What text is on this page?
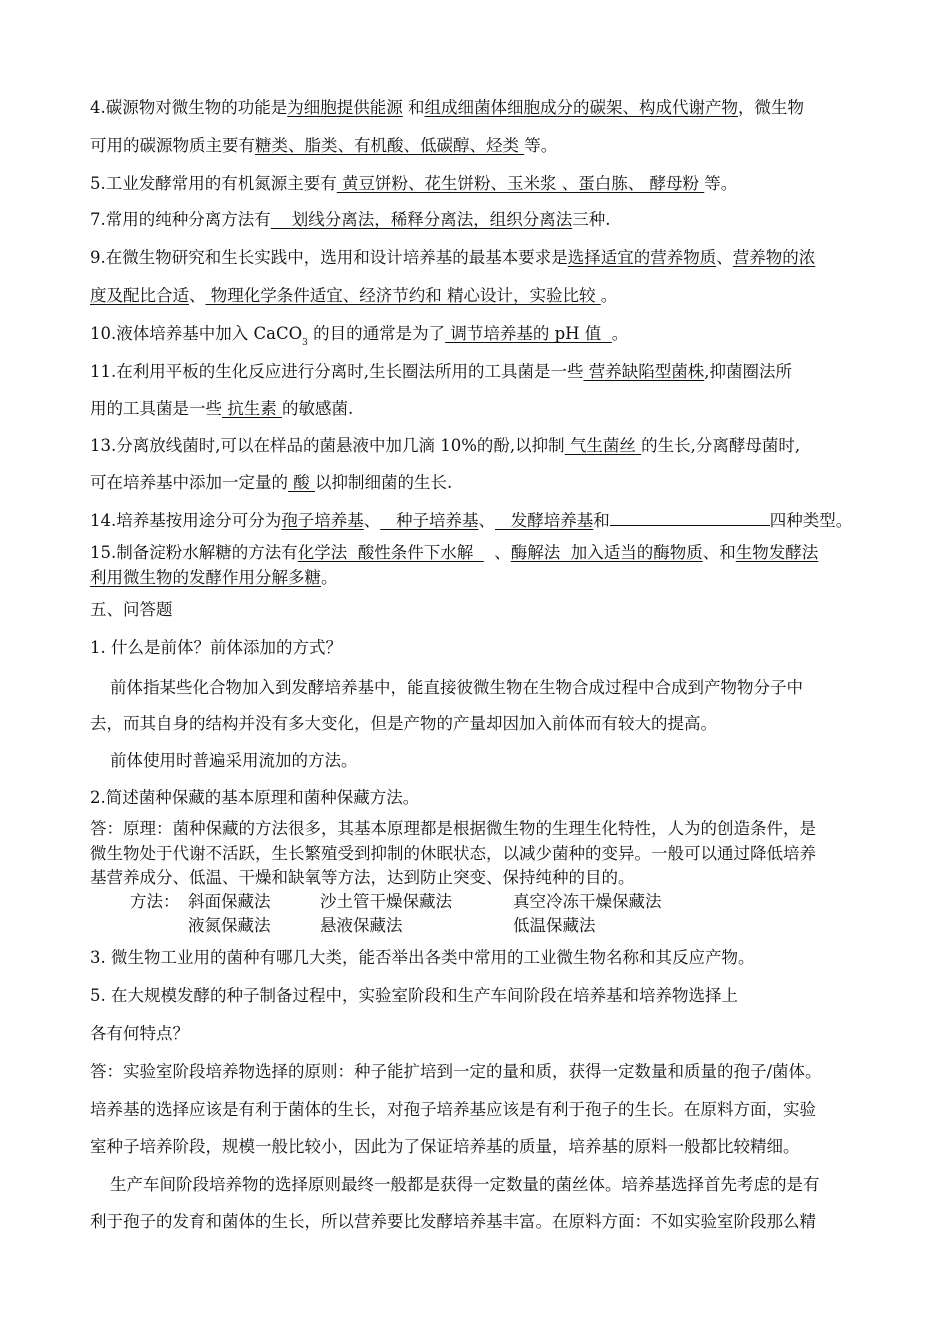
4.碳源物对微生物的功能是为细胞提供能源 和组成细菌体细胞成分的碳架、构成代谢产物，微生物
可用的碳源物质主要有糖类、脂类、有机酸、低碳醇、烃类 等。
5.工业发酵常用的有机氮源主要有 黄豆饼粉、花生饼粉、玉米浆 、蛋白胨、 酵母粉 等。
7.常用的纯种分离方法有    划线分离法，稀释分离法，组织分离法三种.
9.在微生物研究和生长实践中，选用和设计培养基的最基本要求是选择适宜的营养物质、营养物的浓
度及配比合适、 物理化学条件适宜、经济节约和 精心设计，实验比较 。
10.液体培养基中加入 CaCO$_3$ 的目的通常是为了 调节培养基的 pH 值  。
11.在利用平板的生化反应进行分离时,生长圈法所用的工具菌是一些 营养缺陷型菌株,抑菌圈法所
用的工具菌是一些 抗生素 的敏感菌.
13.分离放线菌时,可以在样品的菌悬液中加几滴 10%的酚,以抑制 气生菌丝 的生长,分离酵母菌时,
可在培养基中添加一定量的 酸 以抑制细菌的生长.
14.培养基按用途分可分为孢子培养基、   种子培养基、   发酵培养基和	四种类型。
15.制备淀粉水解糖的方法有化学法  酸性条件下水解    、酶解法  加入适当的酶物质、和生物发酵法
利用微生物的发酵作用分解多糖。
五、问答题
1. 什么是前体？前体添加的方式？
前体指某些化合物加入到发酵培养基中，能直接彼微生物在生物合成过程中合成到产物物分子中
去，而其自身的结构并没有多大变化，但是产物的产量却因加入前体而有较大的提高。
前体使用时普遍采用流加的方法。
2.简述菌种保藏的基本原理和菌种保藏方法。
答：原理：菌种保藏的方法很多，其基本原理都是根据微生物的生理生化特性，人为的创造条件，是
微生物处于代谢不活跃，生长繁殖受到抑制的休眠状态，以减少菌种的变异。一般可以通过降低培养
基营养成分、低温、干燥和缺氧等方法，达到防止突变、保持纯种的目的。
方法： 斜面保藏法	沙土管干燥保藏法	真空冷冻干燥保藏法
液氮保藏法	悬液保藏法	低温保藏法
3. 微生物工业用的菌种有哪几大类，能否举出各类中常用的工业微生物名称和其反应产物。
5. 在大规模发酵的种子制备过程中，实验室阶段和生产车间阶段在培养基和培养物选择上
各有何特点？
答：实验室阶段培养物选择的原则：种子能扩培到一定的量和质，获得一定数量和质量的孢子/菌体。
培养基的选择应该是有利于菌体的生长，对孢子培养基应该是有利于孢子的生长。在原料方面，实验
室种子培养阶段，规模一般比较小，因此为了保证培养基的质量，培养基的原料一般都比较精细。
生产车间阶段培养物的选择原则最终一般都是获得一定数量的菌丝体。培养基选择首先考虑的是有
利于孢子的发育和菌体的生长，所以营养要比发酵培养基丰富。在原料方面：不如实验室阶段那么精
